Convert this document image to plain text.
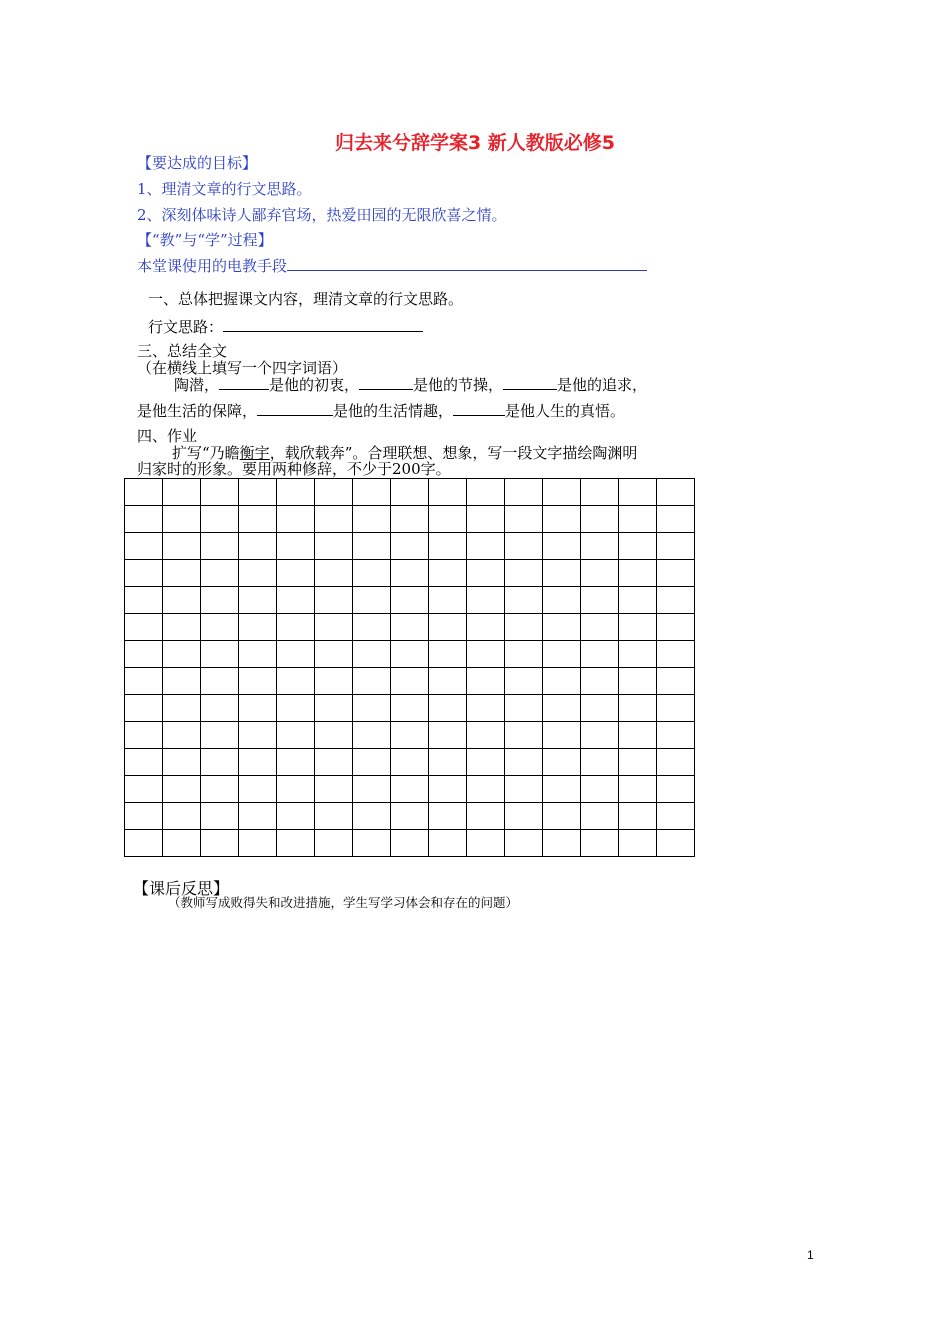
归去来兮辞学案3 新人教版必修5
【要达成的目标】
1、理清文章的行文思路。
2、深刻体味诗人鄙弃官场，热爱田园的无限欣喜之情。
【“教”与“学”过程】
本堂课使用的电教手段
一、总体把握课文内容，理清文章的行文思路。
行文思路：
三、总结全文
（在横线上填写一个四字词语）
陶潜，	是他的初衷，	是他的节操，	是他的追求，
是他生活的保障，	是他的生活情趣，	是他人生的真悟。
四、作业
扩写“乃瞻衡宇，载欣载奔”。合理联想、想象，写一段文字描绘陶渊明
归家时的形象。要用两种修辞，不少于200字。
【课后反思】
（教师写成败得失和改进措施，学生写学习体会和存在的问题）
1
